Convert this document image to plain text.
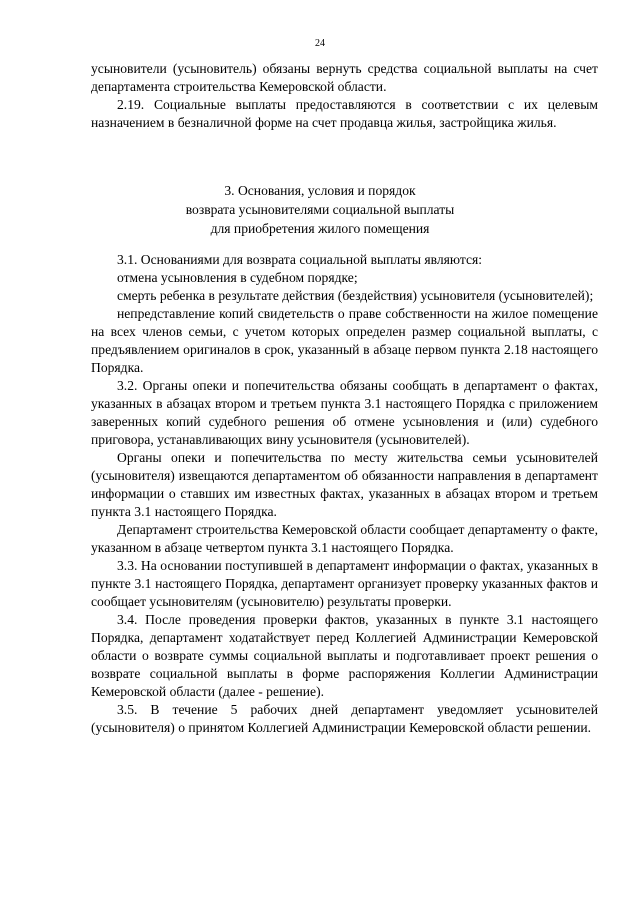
24

усыновители (усыновитель) обязаны вернуть средства социальной выплаты на счет департамента строительства Кемеровской области.

2.19. Социальные выплаты предоставляются в соответствии с их целевым назначением в безналичной форме на счет продавца жилья, застройщика жилья.

3. Основания, условия и порядок
возврата усыновителями социальной выплаты
для приобретения жилого помещения

3.1. Основаниями для возврата социальной выплаты являются:

отмена усыновления в судебном порядке;

смерть ребенка в результате действия (бездействия) усыновителя (усыновителей);

непредставление копий свидетельств о праве собственности на жилое помещение на всех членов семьи, с учетом которых определен размер социальной выплаты, с предъявлением оригиналов в срок, указанный в абзаце первом пункта 2.18 настоящего Порядка.

3.2. Органы опеки и попечительства обязаны сообщать в департамент о фактах, указанных в абзацах втором и третьем пункта 3.1 настоящего Порядка с приложением заверенных копий судебного решения об отмене усыновления и (или) судебного приговора, устанавливающих вину усыновителя (усыновителей).

Органы опеки и попечительства по месту жительства семьи усыновителей (усыновителя) извещаются департаментом об обязанности направления в департамент информации о ставших им известных фактах, указанных в абзацах втором и третьем пункта 3.1 настоящего Порядка.

Департамент строительства Кемеровской области сообщает департаменту о факте, указанном в абзаце четвертом пункта 3.1 настоящего Порядка.

3.3. На основании поступившей в департамент информации о фактах, указанных в пункте 3.1 настоящего Порядка, департамент организует проверку указанных фактов и сообщает усыновителям (усыновителю) результаты проверки.

3.4. После проведения проверки фактов, указанных в пункте 3.1 настоящего Порядка, департамент ходатайствует перед Коллегией Администрации Кемеровской области о возврате суммы социальной выплаты и подготавливает проект решения о возврате социальной выплаты в форме распоряжения Коллегии Администрации Кемеровской области (далее - решение).

3.5. В течение 5 рабочих дней департамент уведомляет усыновителей (усыновителя) о принятом Коллегией Администрации Кемеровской области решении.
